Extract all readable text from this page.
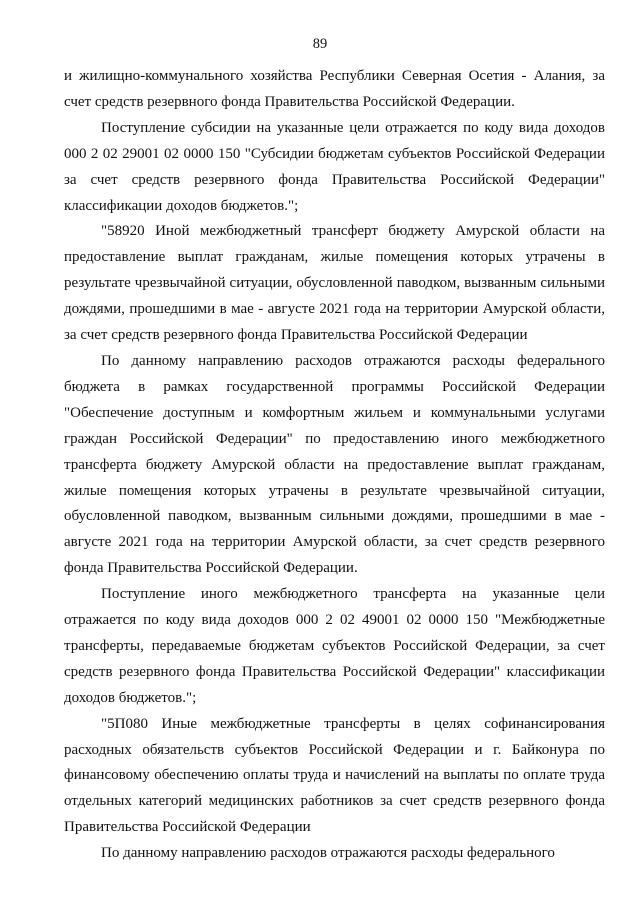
89

и жилищно-коммунального хозяйства Республики Северная Осетия - Алания, за счет средств резервного фонда Правительства Российской Федерации.

Поступление субсидии на указанные цели отражается по коду вида доходов 000 2 02 29001 02 0000 150 "Субсидии бюджетам субъектов Российской Федерации за счет средств резервного фонда Правительства Российской Федерации" классификации доходов бюджетов.";

"58920 Иной межбюджетный трансферт бюджету Амурской области на предоставление выплат гражданам, жилые помещения которых утрачены в результате чрезвычайной ситуации, обусловленной паводком, вызванным сильными дождями, прошедшими в мае - августе 2021 года на территории Амурской области, за счет средств резервного фонда Правительства Российской Федерации

По данному направлению расходов отражаются расходы федерального бюджета в рамках государственной программы Российской Федерации "Обеспечение доступным и комфортным жильем и коммунальными услугами граждан Российской Федерации" по предоставлению иного межбюджетного трансферта бюджету Амурской области на предоставление выплат гражданам, жилые помещения которых утрачены в результате чрезвычайной ситуации, обусловленной паводком, вызванным сильными дождями, прошедшими в мае - августе 2021 года на территории Амурской области, за счет средств резервного фонда Правительства Российской Федерации.

Поступление иного межбюджетного трансферта на указанные цели отражается по коду вида доходов 000 2 02 49001 02 0000 150 "Межбюджетные трансферты, передаваемые бюджетам субъектов Российской Федерации, за счет средств резервного фонда Правительства Российской Федерации" классификации доходов бюджетов.";

"5П080 Иные межбюджетные трансферты в целях софинансирования расходных обязательств субъектов Российской Федерации и г. Байконура по финансовому обеспечению оплаты труда и начислений на выплаты по оплате труда отдельных категорий медицинских работников за счет средств резервного фонда Правительства Российской Федерации

По данному направлению расходов отражаются расходы федерального
